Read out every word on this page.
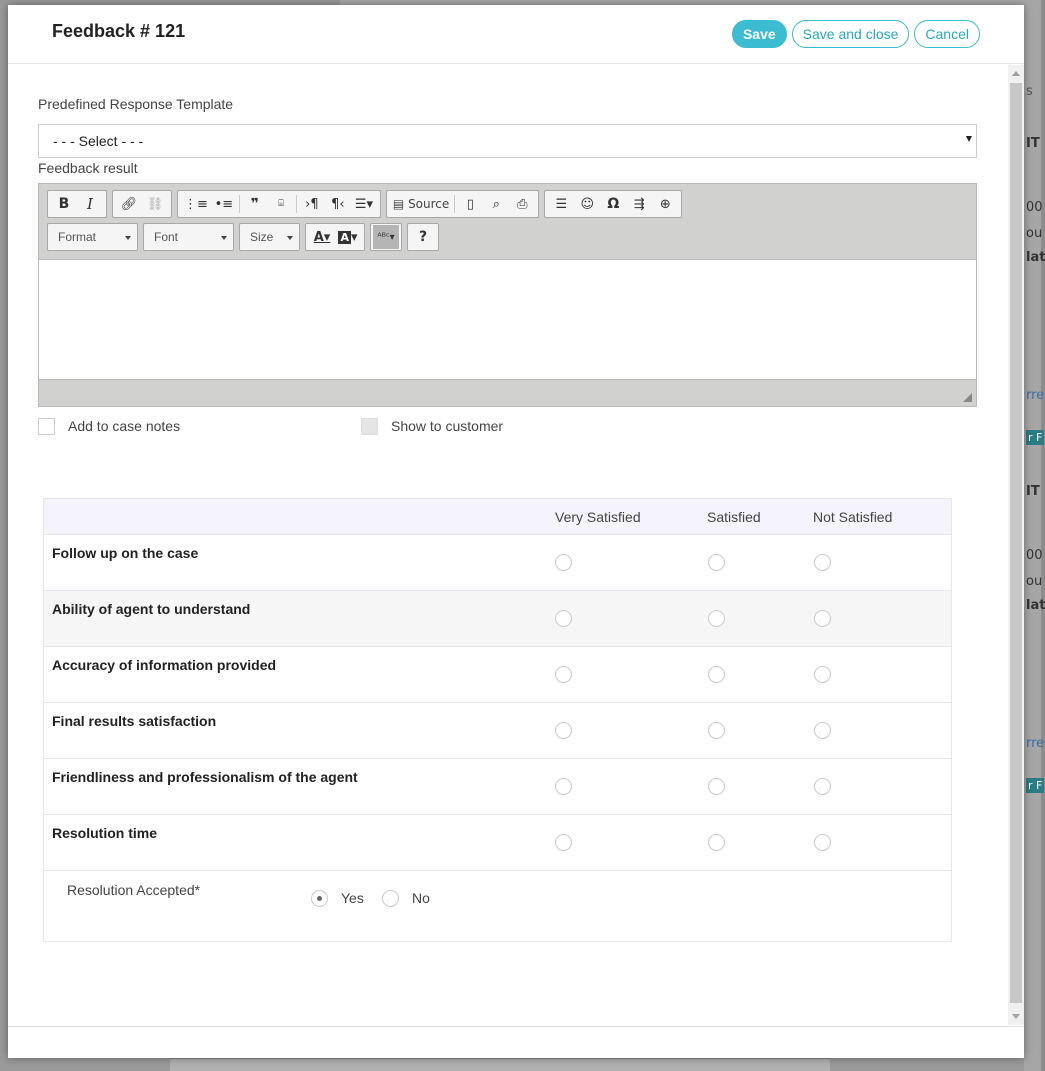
s
IT
00
ou
lat
rre
r F
IT
00
ou
lat
rre
r F
Feedback # 121	Save	Save and close	Cancel
Predefined Response Template
- - - Select - - -
Feedback result
B	I	🔗︎ ⛓︎	⋮≡ •≡	❞	⌸	›¶ ¶‹ ☰▾	▤ Source	▯	⌕	⎙	☰	☺ Ω	⇶	⊕
Format	Font	Size	A▾ A ▾	ᴬᴮᶜ▾	?
Add to case notes	Show to customer
Very Satisfied	Satisfied	Not Satisfied
Follow up on the case
Ability of agent to understand
Accuracy of information provided
Final results satisfaction
Friendliness and professionalism of the agent
Resolution time
Resolution Accepted*	Yes	No
